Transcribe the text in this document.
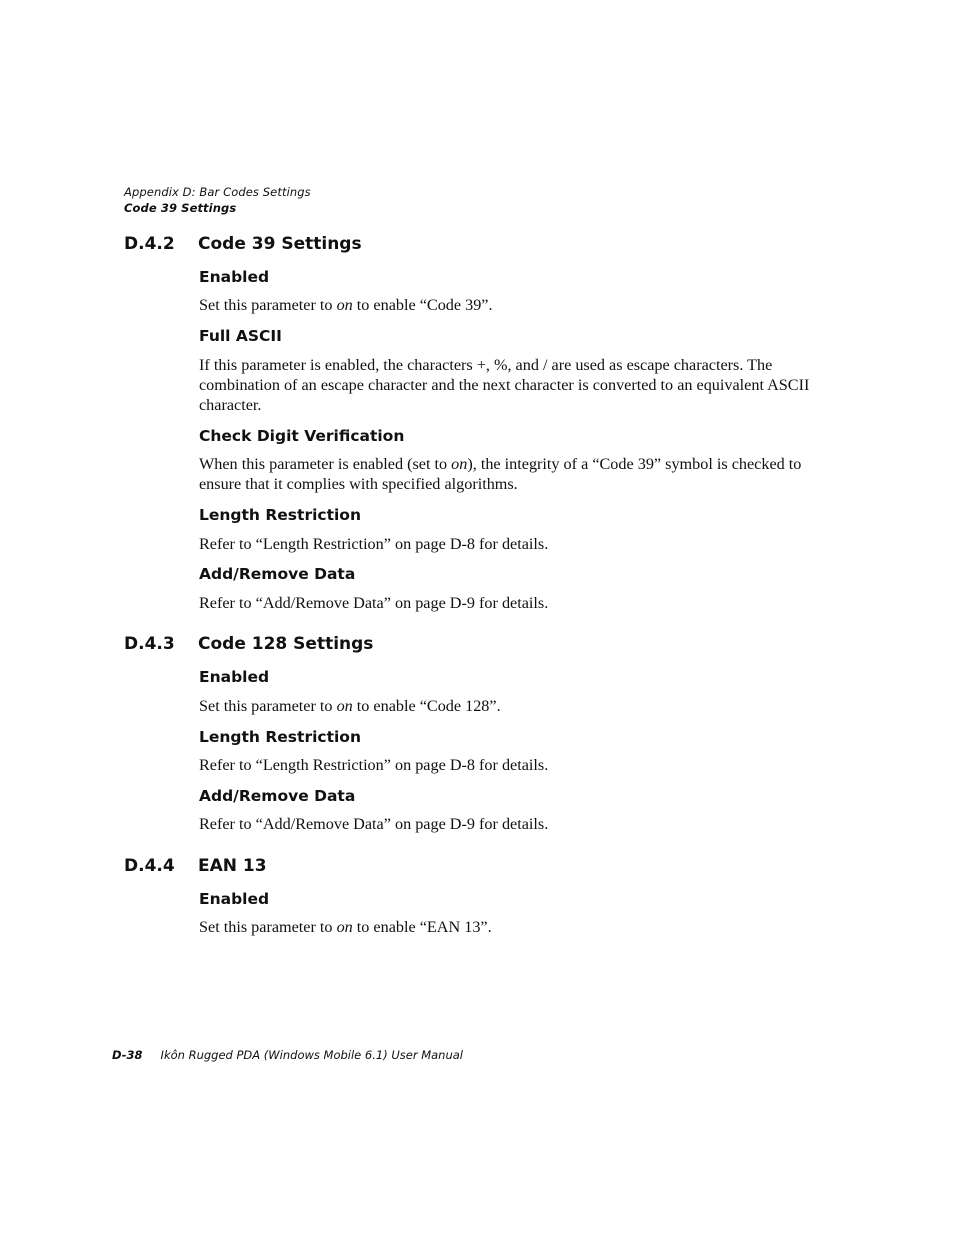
Appendix D: Bar Codes Settings
Code 39 Settings
D.4.2 Code 39 Settings
Enabled
Set this parameter to on to enable “Code 39”.
Full ASCII
If this parameter is enabled, the characters +, %, and / are used as escape characters. The combination of an escape character and the next character is converted to an equivalent ASCII character.
Check Digit Verification
When this parameter is enabled (set to on), the integrity of a “Code 39” symbol is checked to ensure that it complies with specified algorithms.
Length Restriction
Refer to “Length Restriction” on page D-8 for details.
Add/Remove Data
Refer to “Add/Remove Data” on page D-9 for details.
D.4.3 Code 128 Settings
Enabled
Set this parameter to on to enable “Code 128”.
Length Restriction
Refer to “Length Restriction” on page D-8 for details.
Add/Remove Data
Refer to “Add/Remove Data” on page D-9 for details.
D.4.4 EAN 13
Enabled
Set this parameter to on to enable “EAN 13”.
D-38 Ikôn Rugged PDA (Windows Mobile 6.1) User Manual
